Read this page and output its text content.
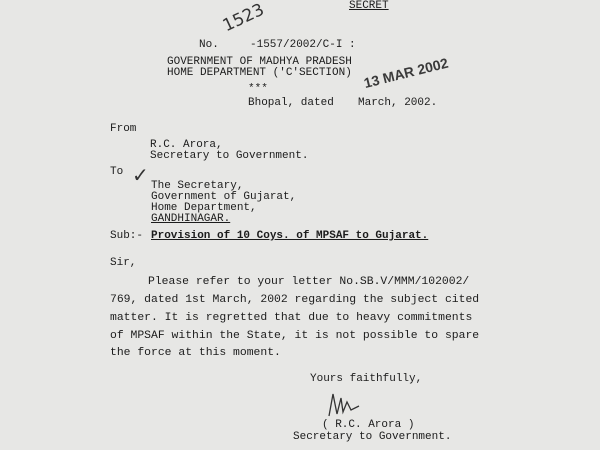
SECRET
No.
1523
-1557/2002/C-I :
GOVERNMENT OF MADHYA PRADESH
HOME DEPARTMENT ('C'SECTION)
***
Bhopal, dated
13 MAR 2002
March, 2002.
From
R.C. Arora,
Secretary to Government.
To ✓ The Secretary,
Government of Gujarat,
Home Department,
GANDHINAGAR.
Sub:- Provision of 10 Coys. of MPSAF to Gujarat.
Sir,
Please refer to your letter No.SB.V/MMM/102002/
769, dated 1st March, 2002 regarding the subject cited
matter. It is regretted that due to heavy commitments
of MPSAF within the State, it is not possible to spare
the force at this moment.
Yours faithfully,
( R.C. Arora )
Secretary to Government.
